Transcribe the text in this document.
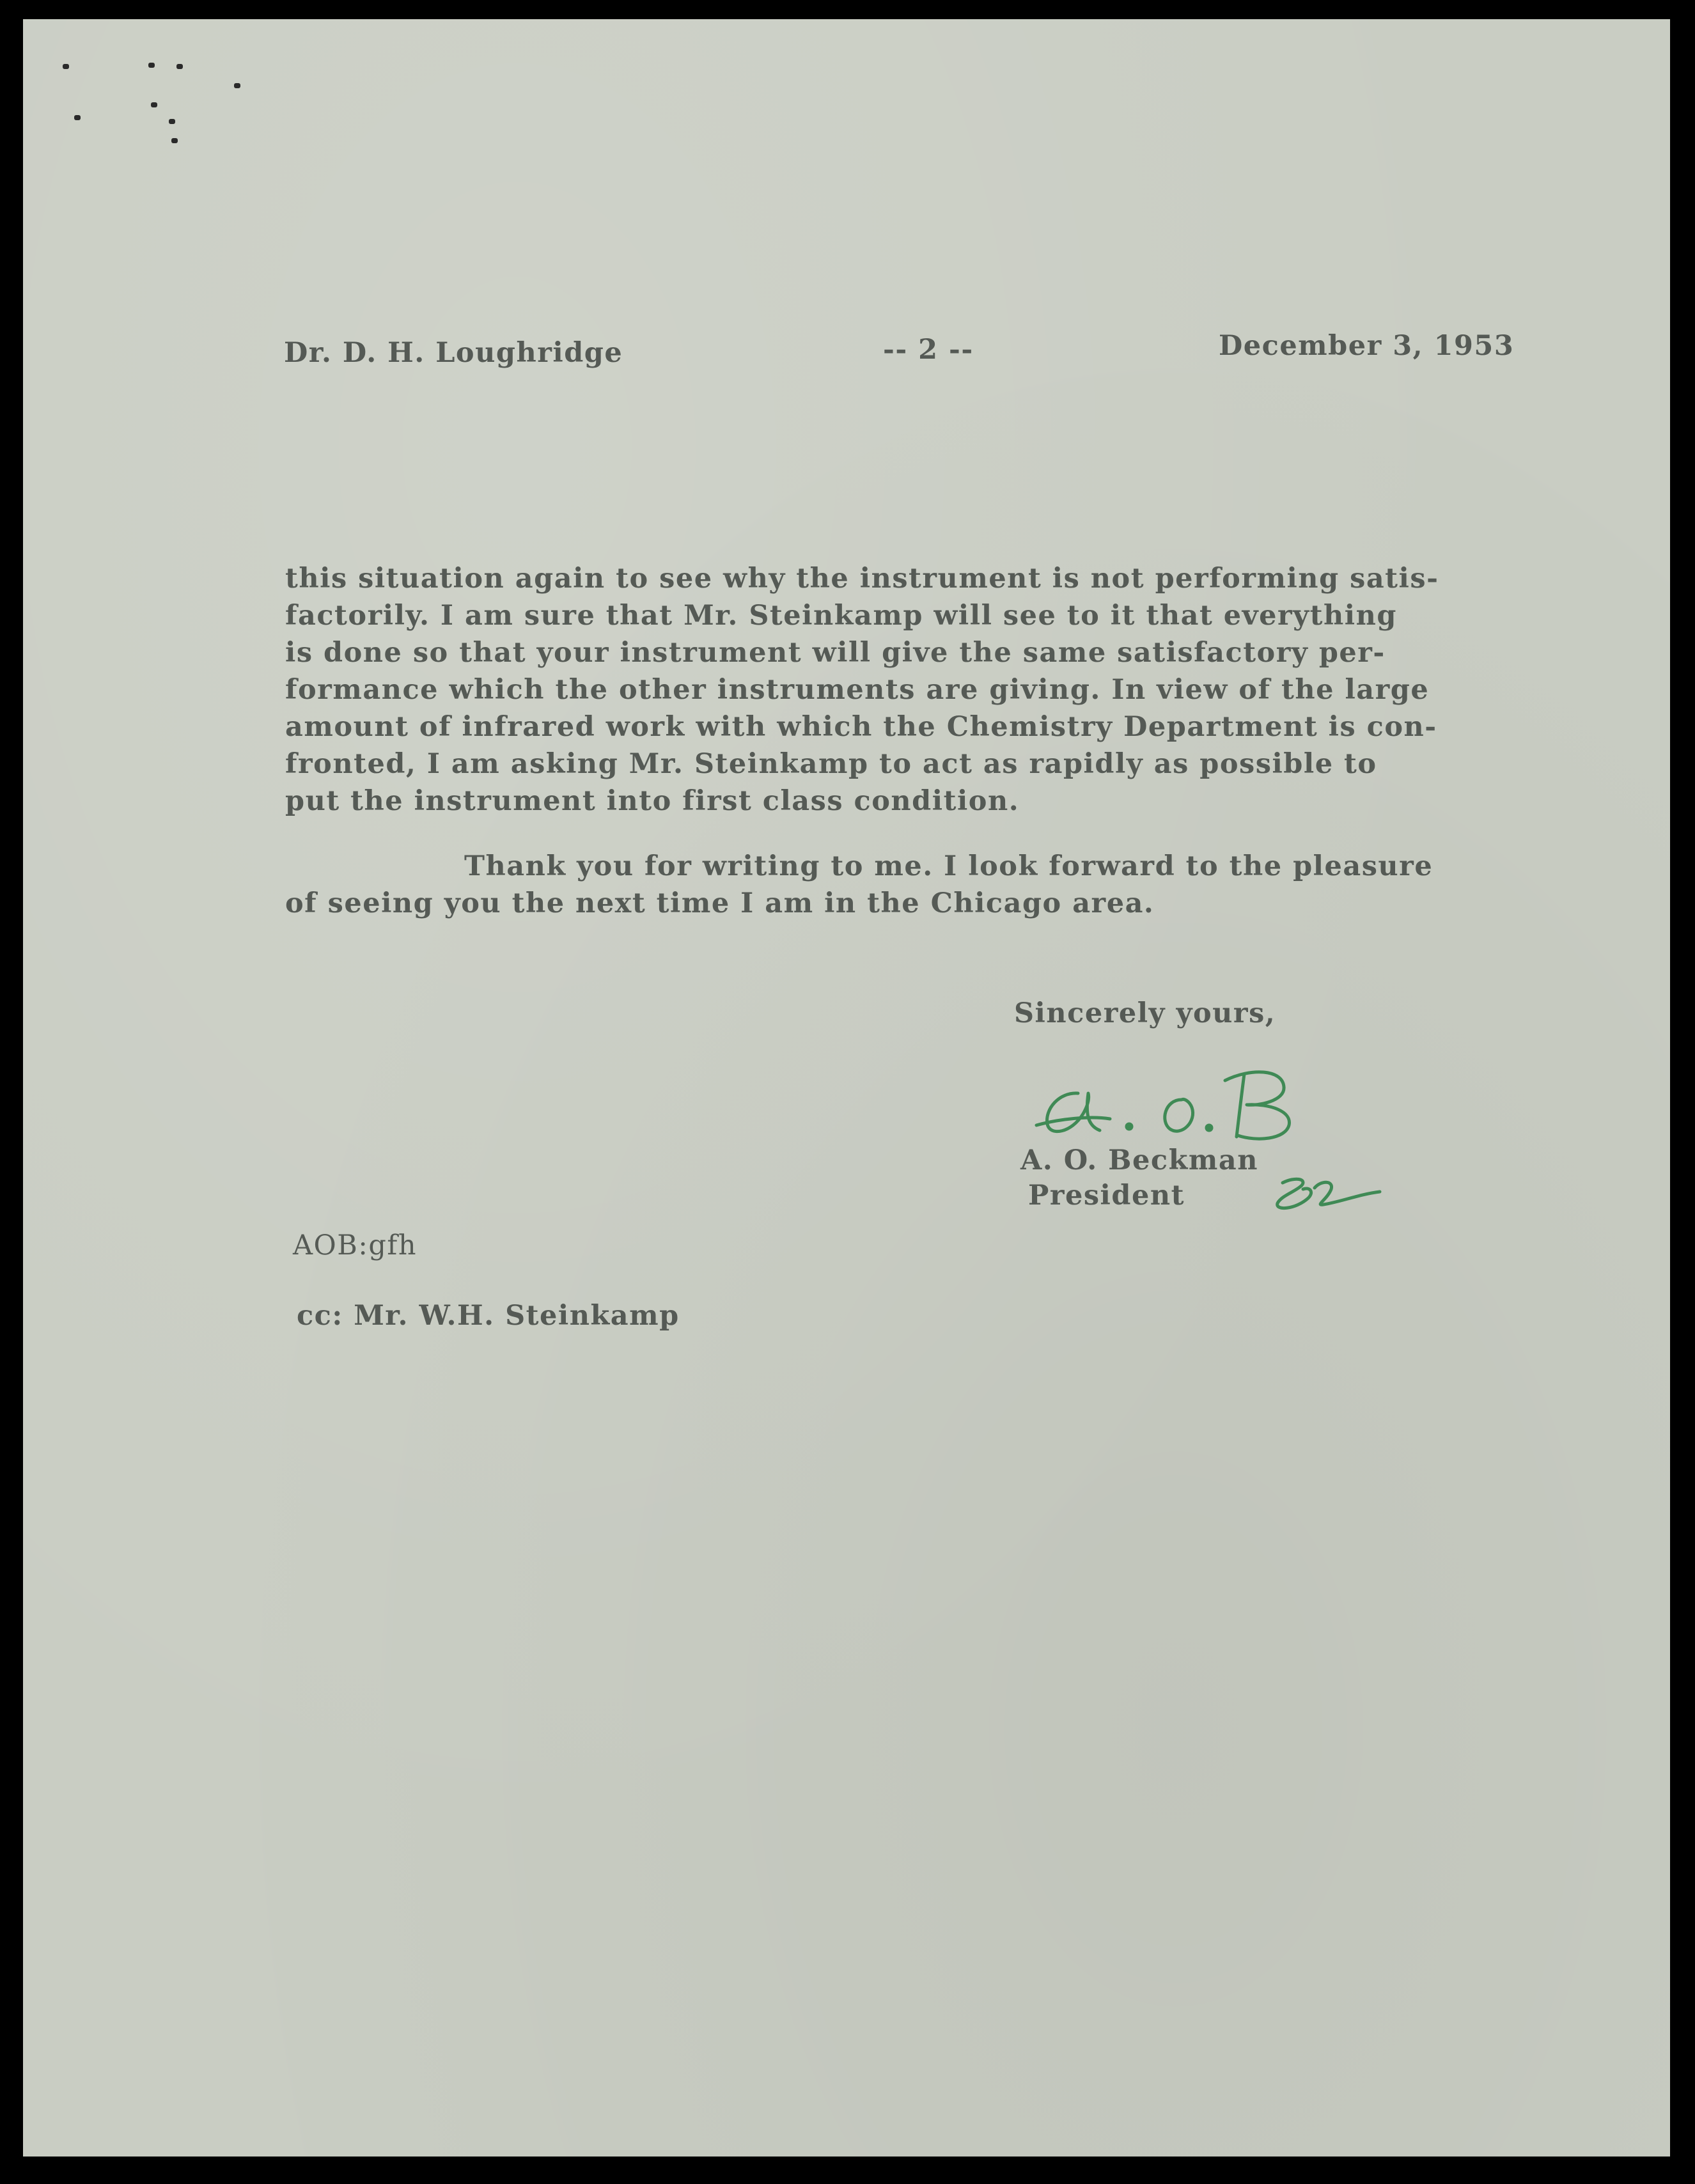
Dr. D. H. Loughridge	-- 2 --	December 3, 1953
this situation again to see why the instrument is not performing satis-
factorily. I am sure that Mr. Steinkamp will see to it that everything
is done so that your instrument will give the same satisfactory per-
formance which the other instruments are giving. In view of the large
amount of infrared work with which the Chemistry Department is con-
fronted, I am asking Mr. Steinkamp to act as rapidly as possible to
put the instrument into first class condition.
Thank you for writing to me. I look forward to the pleasure
of seeing you the next time I am in the Chicago area.
Sincerely yours,
A. O. Beckman
President
AOB:gfh
cc: Mr. W.H. Steinkamp
